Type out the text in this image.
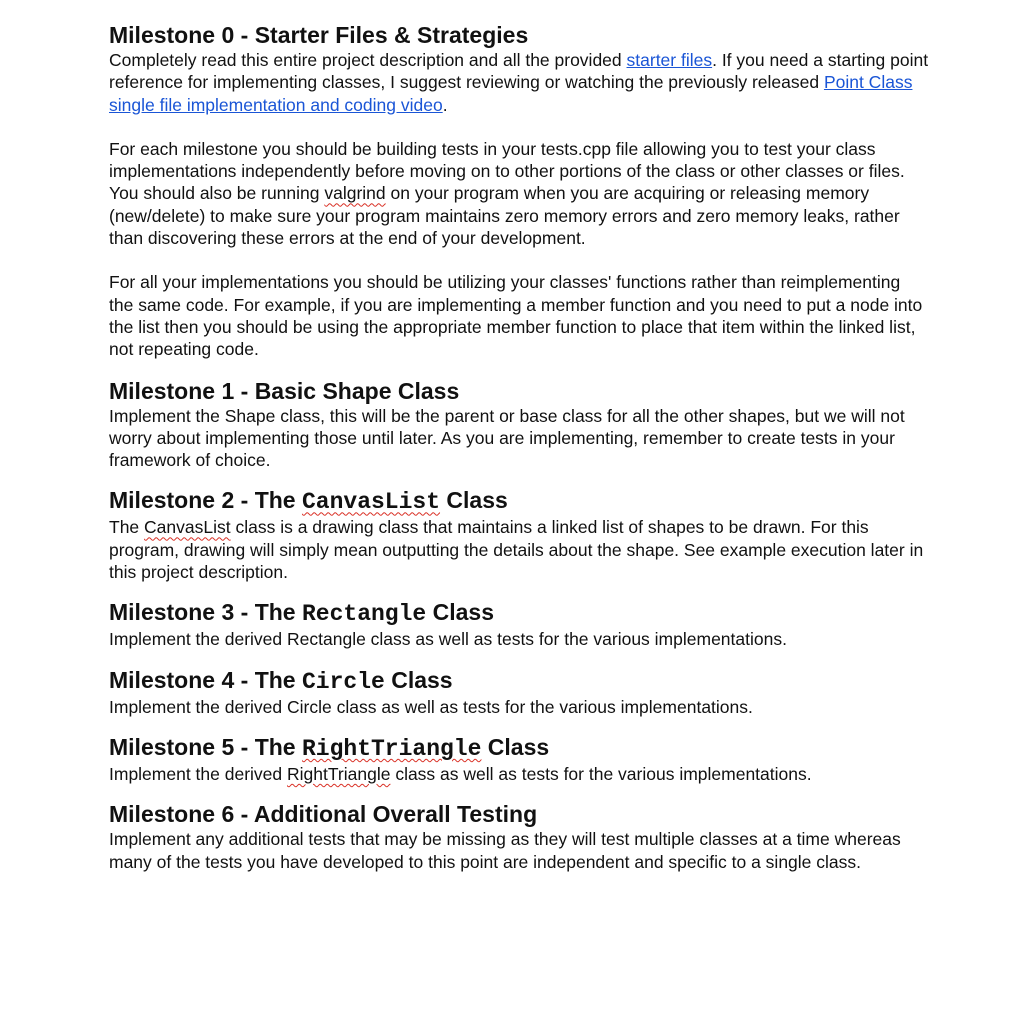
Milestone 0 - Starter Files & Strategies

Completely read this entire project description and all the provided starter files. If you need a starting point reference for implementing classes, I suggest reviewing or watching the previously released Point Class single file implementation and coding video.

For each milestone you should be building tests in your tests.cpp file allowing you to test your class implementations independently before moving on to other portions of the class or other classes or files. You should also be running valgrind on your program when you are acquiring or releasing memory (new/delete) to make sure your program maintains zero memory errors and zero memory leaks, rather than discovering these errors at the end of your development.

For all your implementations you should be utilizing your classes' functions rather than reimplementing the same code. For example, if you are implementing a member function and you need to put a node into the list then you should be using the appropriate member function to place that item within the linked list, not repeating code.

Milestone 1 - Basic Shape Class

Implement the Shape class, this will be the parent or base class for all the other shapes, but we will not worry about implementing those until later. As you are implementing, remember to create tests in your framework of choice.

Milestone 2 - The CanvasList Class

The CanvasList class is a drawing class that maintains a linked list of shapes to be drawn. For this program, drawing will simply mean outputting the details about the shape. See example execution later in this project description.

Milestone 3 - The Rectangle Class

Implement the derived Rectangle class as well as tests for the various implementations.

Milestone 4 - The Circle Class

Implement the derived Circle class as well as tests for the various implementations.

Milestone 5 - The RightTriangle Class

Implement the derived RightTriangle class as well as tests for the various implementations.

Milestone 6 - Additional Overall Testing

Implement any additional tests that may be missing as they will test multiple classes at a time whereas many of the tests you have developed to this point are independent and specific to a single class.
